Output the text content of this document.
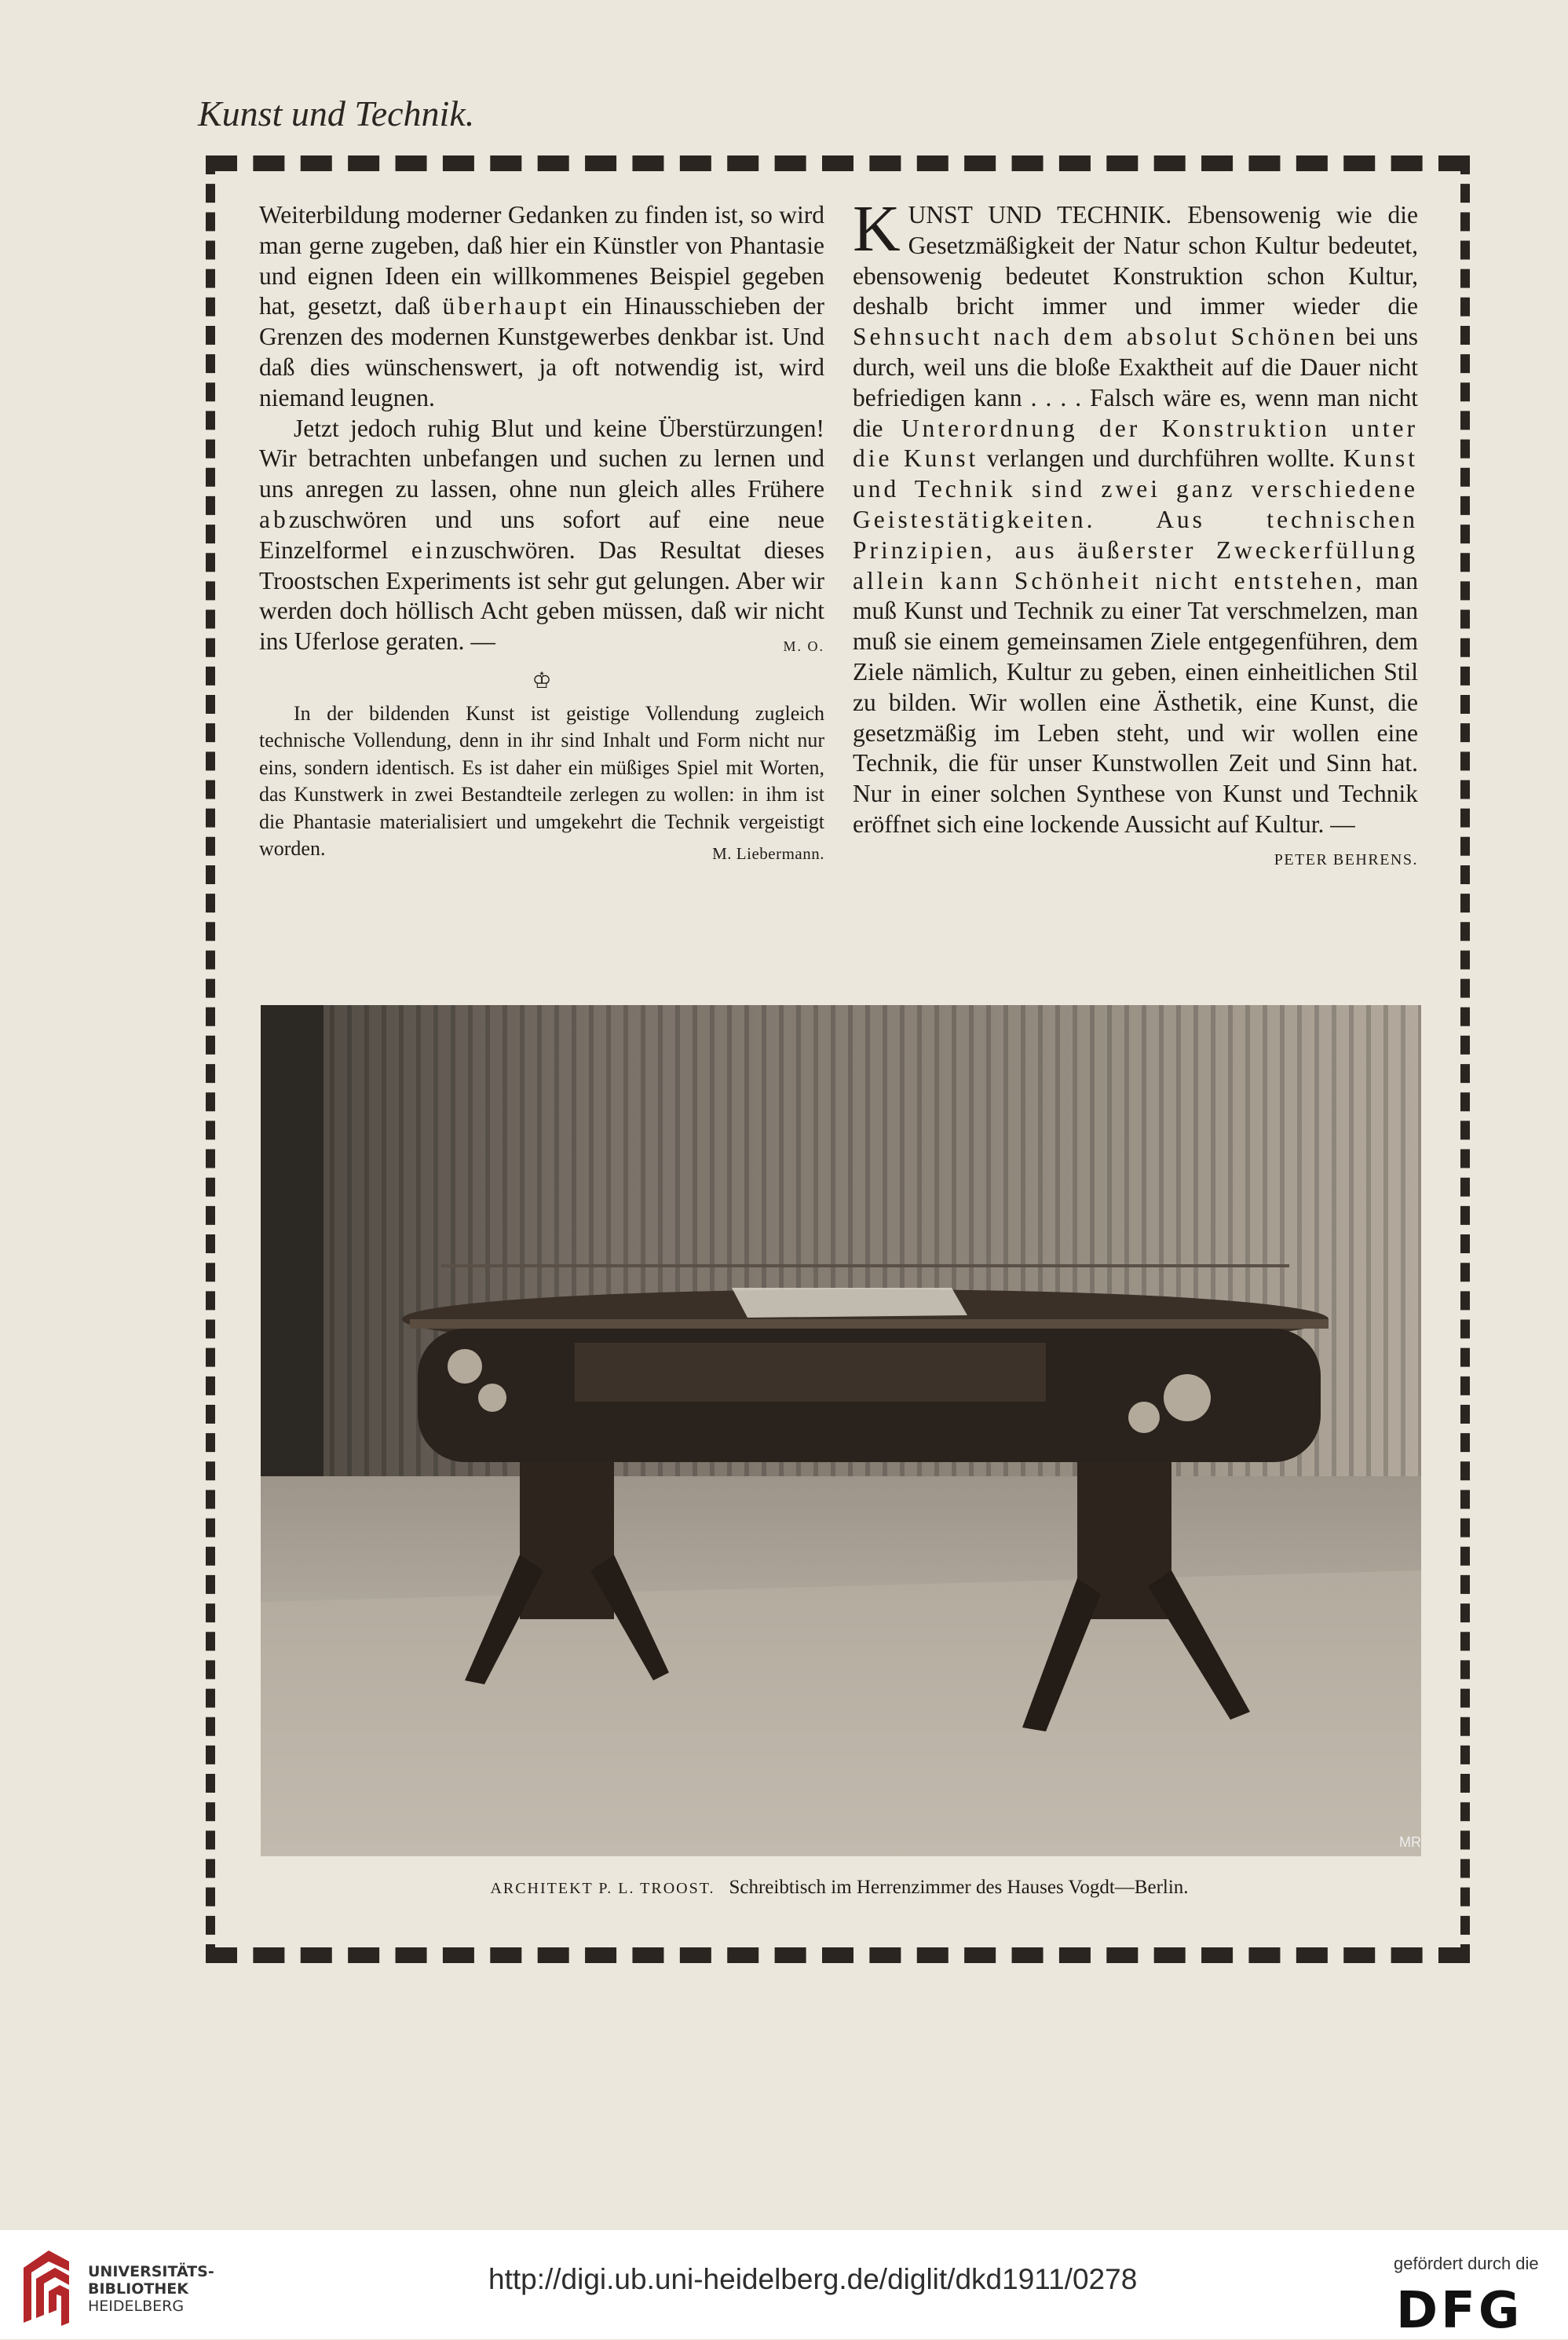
Kunst und Technik.

Weiterbildung moderner Gedanken zu finden ist, so wird man gerne zugeben, daß hier ein Künstler von Phantasie und eignen Ideen ein willkommenes Beispiel gegeben hat, gesetzt, daß überhaupt ein Hinausschieben der Grenzen des modernen Kunstgewerbes denkbar ist. Und daß dies wünschenswert, ja oft notwendig ist, wird niemand leugnen.

Jetzt jedoch ruhig Blut und keine Überstürzungen! Wir betrachten unbefangen und suchen zu lernen und uns anregen zu lassen, ohne nun gleich alles Frühere abzuschwören und uns sofort auf eine neue Einzelformel einzuschwören. Das Resultat dieses Troostschen Experiments ist sehr gut gelungen. Aber wir werden doch höllisch Acht geben müssen, daß wir nicht ins Uferlose geraten. —	M. O.

♔

In der bildenden Kunst ist geistige Vollendung zugleich technische Vollendung, denn in ihr sind Inhalt und Form nicht nur eins, sondern identisch. Es ist daher ein müßiges Spiel mit Worten, das Kunstwerk in zwei Bestandteile zerlegen zu wollen: in ihm ist die Phantasie materialisiert und umgekehrt die Technik vergeistigt worden.	M. Liebermann.

KUNST UND TECHNIK. Ebensowenig wie die Gesetzmäßigkeit der Natur schon Kultur bedeutet, ebensowenig bedeutet Konstruktion schon Kultur, deshalb bricht immer und immer wieder die Sehnsucht nach dem absolut Schönen bei uns durch, weil uns die bloße Exaktheit auf die Dauer nicht befriedigen kann . . . . Falsch wäre es, wenn man nicht die Unterordnung der Konstruktion unter die Kunst verlangen und durchführen wollte. Kunst und Technik sind zwei ganz verschiedene Geistestätigkeiten. Aus technischen Prinzipien, aus äußerster Zweckerfüllung allein kann Schönheit nicht entstehen, man muß Kunst und Technik zu einer Tat verschmelzen, man muß sie einem gemeinsamen Ziele entgegenführen, dem Ziele nämlich, Kultur zu geben, einen einheitlichen Stil zu bilden. Wir wollen eine Ästhetik, eine Kunst, die gesetzmäßig im Leben steht, und wir wollen eine Technik, die für unser Kunstwollen Zeit und Sinn hat. Nur in einer solchen Synthese von Kunst und Technik eröffnet sich eine lockende Aussicht auf Kultur. —
PETER BEHRENS.

MR
ARCHITEKT P. L. TROOST. Schreibtisch im Herrenzimmer des Hauses Vogdt—Berlin.
UNIVERSITÄTS-
BIBLIOTHEK
HEIDELBERG
http://digi.ub.uni-heidelberg.de/diglit/dkd1911/0278	gefördert durch die
DFG
